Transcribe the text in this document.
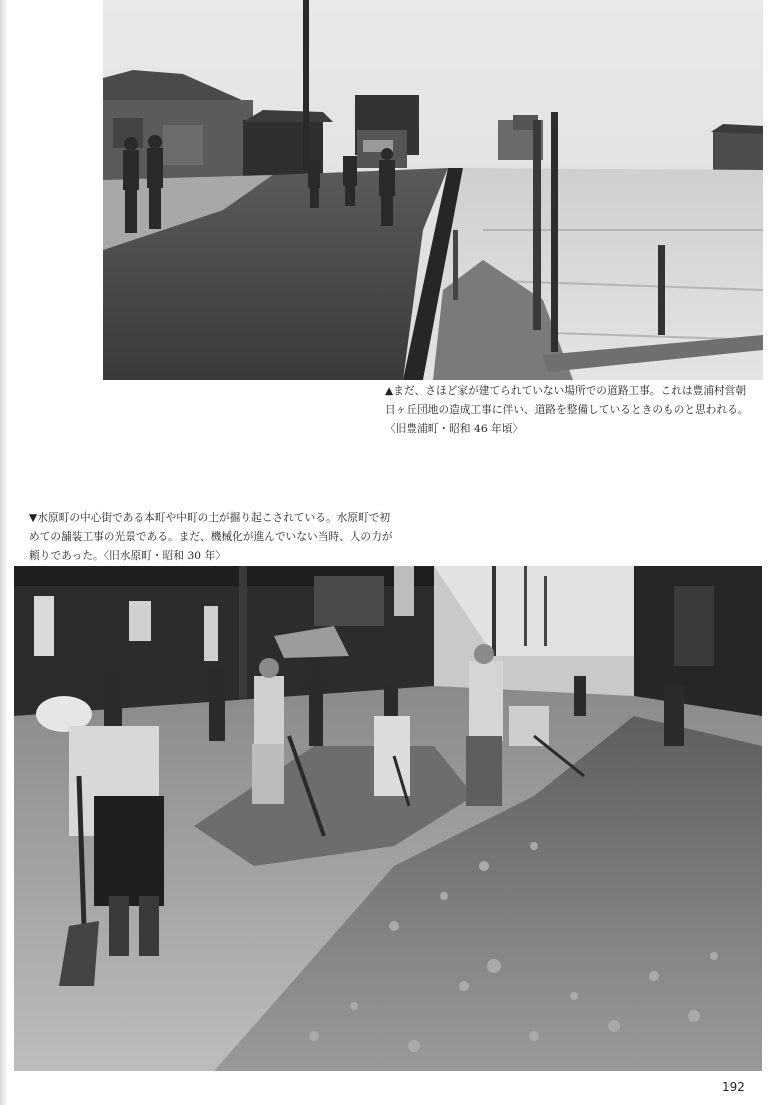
▲まだ、さほど家が建てられていない場所での道路工事。これは豊浦村営朝
日ヶ丘団地の造成工事に伴い、道路を整備しているときのものと思われる。
〈旧豊浦町・昭和 46 年頃〉
▼水原町の中心街である本町や中町の土が掘り起こされている。水原町で初
めての舗装工事の光景である。まだ、機械化が進んでいない当時、人の力が
頼りであった。〈旧水原町・昭和 30 年〉
192
